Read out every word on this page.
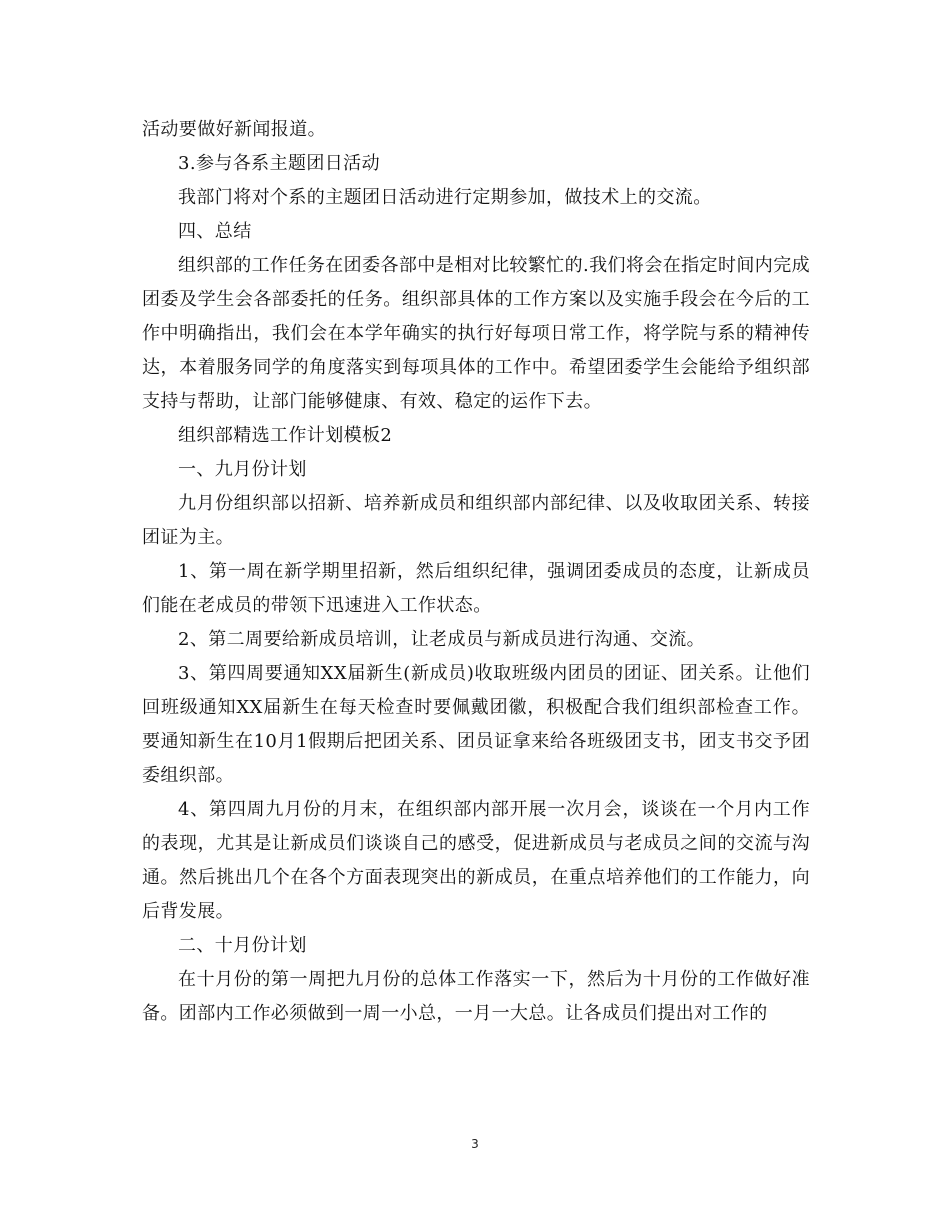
活动要做好新闻报道。

3.参与各系主题团日活动

我部门将对个系的主题团日活动进行定期参加，做技术上的交流。

四、总结

组织部的工作任务在团委各部中是相对比较繁忙的.我们将会在指定时间内完成团委及学生会各部委托的任务。组织部具体的工作方案以及实施手段会在今后的工作中明确指出，我们会在本学年确实的执行好每项日常工作，将学院与系的精神传达，本着服务同学的角度落实到每项具体的工作中。希望团委学生会能给予组织部支持与帮助，让部门能够健康、有效、稳定的运作下去。

组织部精选工作计划模板2

一、九月份计划

九月份组织部以招新、培养新成员和组织部内部纪律、以及收取团关系、转接团证为主。

1、第一周在新学期里招新，然后组织纪律，强调团委成员的态度，让新成员们能在老成员的带领下迅速进入工作状态。

2、第二周要给新成员培训，让老成员与新成员进行沟通、交流。

3、第四周要通知XX届新生(新成员)收取班级内团员的团证、团关系。让他们回班级通知XX届新生在每天检查时要佩戴团徽，积极配合我们组织部检查工作。要通知新生在10月1假期后把团关系、团员证拿来给各班级团支书，团支书交予团委组织部。

4、第四周九月份的月末，在组织部内部开展一次月会，谈谈在一个月内工作的表现，尤其是让新成员们谈谈自己的感受，促进新成员与老成员之间的交流与沟通。然后挑出几个在各个方面表现突出的新成员，在重点培养他们的工作能力，向后背发展。

二、十月份计划

在十月份的第一周把九月份的总体工作落实一下，然后为十月份的工作做好准备。团部内工作必须做到一周一小总，一月一大总。让各成员们提出对工作的

3
